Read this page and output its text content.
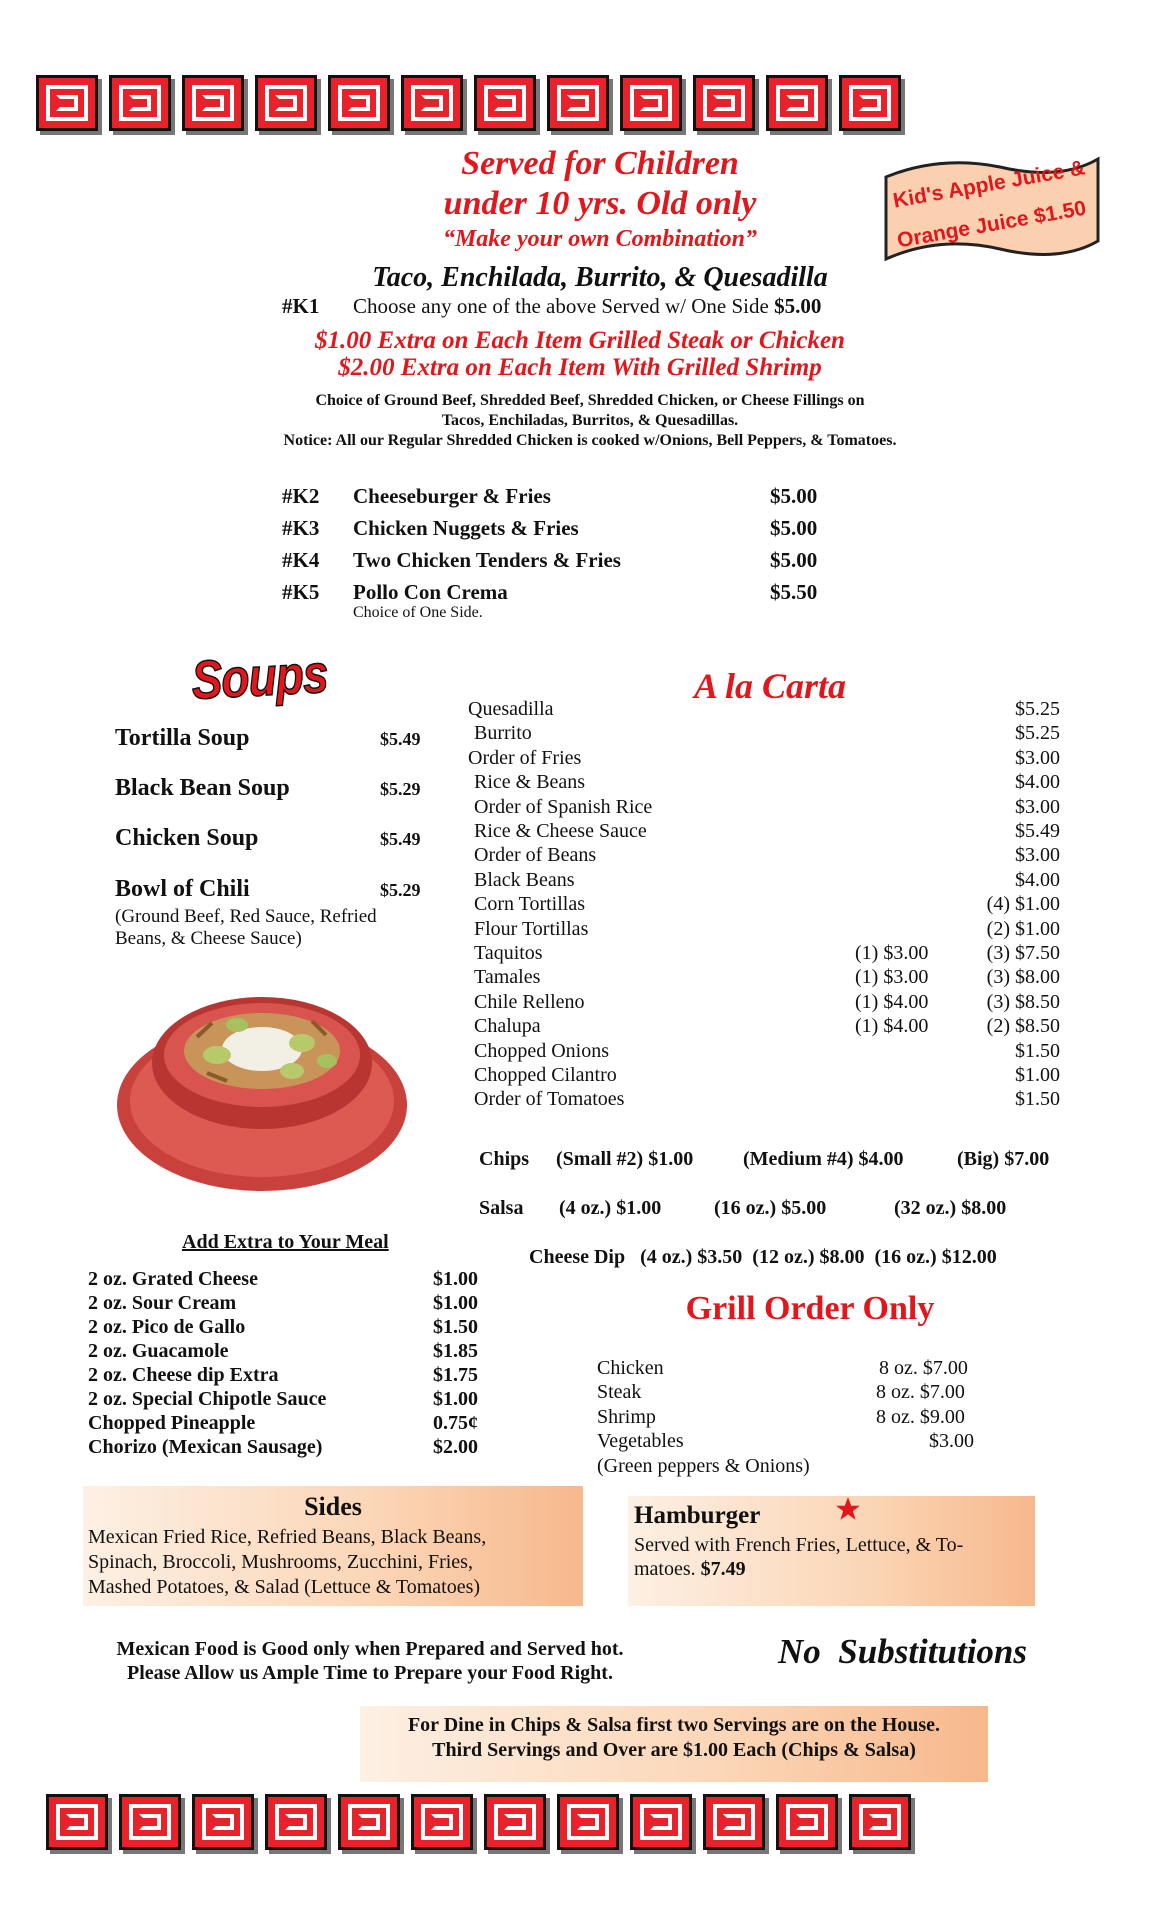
Served for Children
under 10 yrs. Old only
“Make your own Combination”
Kid's Apple Juice &
Orange Juice $1.50
Taco, Enchilada, Burrito, & Quesadilla
#K1 Choose any one of the above Served w/ One Side $5.00
$1.00 Extra on Each Item Grilled Steak or Chicken
$2.00 Extra on Each Item With Grilled Shrimp
Choice of Ground Beef, Shredded Beef, Shredded Chicken, or Cheese Fillings on
Tacos, Enchiladas, Burritos, & Quesadillas.
Notice: All our Regular Shredded Chicken is cooked w/Onions, Bell Peppers, & Tomatoes.
#K2 Cheeseburger & Fries	$5.00
#K3 Chicken Nuggets & Fries	$5.00
#K4 Two Chicken Tenders & Fries	$5.00
#K5 Pollo Con Crema	$5.50
Choice of One Side.
Soups
Tortilla Soup	$5.49
Black Bean Soup	$5.29
Chicken Soup	$5.49
Bowl of Chili	$5.29
(Ground Beef, Red Sauce, Refried
Beans, & Cheese Sauce)
A la Carta
Quesadilla	$5.25
Burrito	$5.25
Order of Fries	$3.00
Rice & Beans	$4.00
Order of Spanish Rice	$3.00
Rice & Cheese Sauce	$5.49
Order of Beans	$3.00
Black Beans	$4.00
Corn Tortillas	(4) $1.00
Flour Tortillas	(2) $1.00
Taquitos	(1) $3.00	(3) $7.50
Tamales	(1) $3.00	(3) $8.00
Chile Relleno	(1) $4.00	(3) $8.50
Chalupa	(1) $4.00	(2) $8.50
Chopped Onions	$1.50
Chopped Cilantro	$1.00
Order of Tomatoes	$1.50
Chips (Small #2) $1.00 (Medium #4) $4.00	(Big) $7.00
Salsa (4 oz.) $1.00	(16 oz.) $5.00	(32 oz.) $8.00
Cheese Dip   (4 oz.) $3.50  (12 oz.) $8.00  (16 oz.) $12.00
Add Extra to Your Meal
2 oz. Grated Cheese	$1.00
2 oz. Sour Cream	$1.00
2 oz. Pico de Gallo	$1.50
2 oz. Guacamole	$1.85
2 oz. Cheese dip Extra	$1.75
2 oz. Special Chipotle Sauce	$1.00
Chopped Pineapple	0.75¢
Chorizo (Mexican Sausage)	$2.00
Grill Order Only
Chicken	8 oz. $7.00
Steak	8 oz. $7.00
Shrimp	8 oz. $9.00
Vegetables	$3.00
(Green peppers & Onions)
Sides
Mexican Fried Rice, Refried Beans, Black Beans,
Spinach, Broccoli, Mushrooms, Zucchini, Fries,
Mashed Potatoes, & Salad (Lettuce & Tomatoes)
Hamburger
Served with French Fries, Lettuce, & To-
matoes. $7.49
Mexican Food is Good only when Prepared and Served hot.
Please Allow us Ample Time to Prepare your Food Right.
No  Substitutions
For Dine in Chips & Salsa first two Servings are on the House.
Third Servings and Over are $1.00 Each (Chips & Salsa)
